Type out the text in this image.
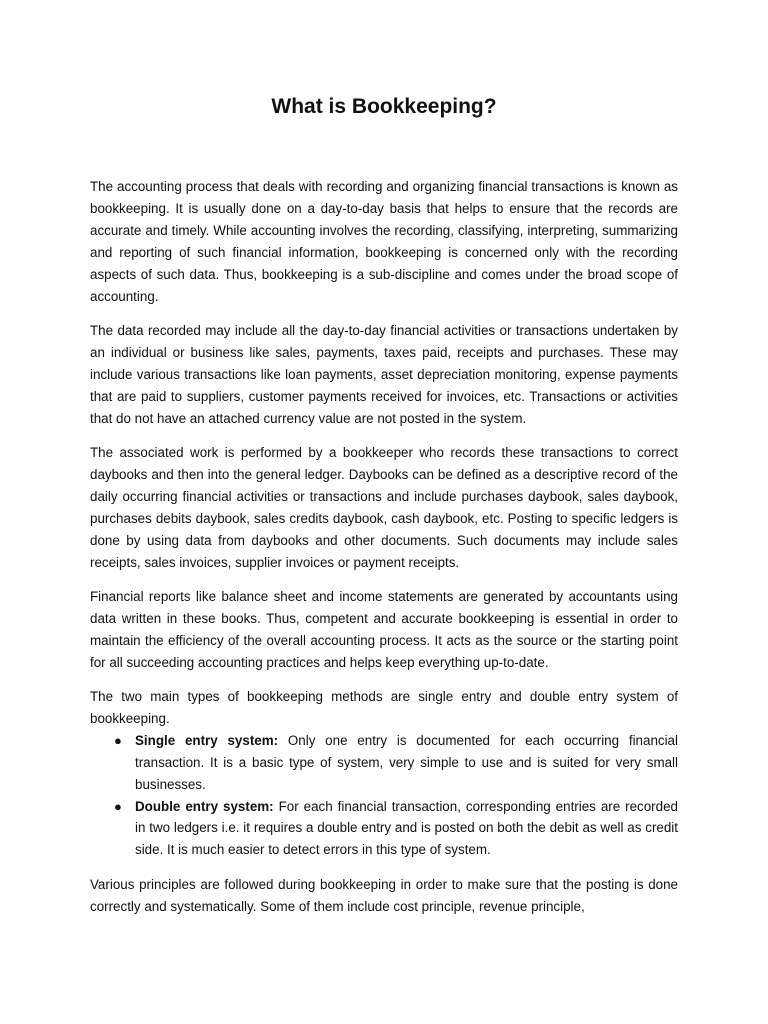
What is Bookkeeping?

The accounting process that deals with recording and organizing financial transactions is known as bookkeeping. It is usually done on a day-to-day basis that helps to ensure that the records are accurate and timely. While accounting involves the recording, classifying, interpreting, summarizing and reporting of such financial information, bookkeeping is concerned only with the recording aspects of such data. Thus, bookkeeping is a sub-discipline and comes under the broad scope of accounting.

The data recorded may include all the day-to-day financial activities or transactions undertaken by an individual or business like sales, payments, taxes paid, receipts and purchases. These may include various transactions like loan payments, asset depreciation monitoring, expense payments that are paid to suppliers, customer payments received for invoices, etc. Transactions or activities that do not have an attached currency value are not posted in the system.

The associated work is performed by a bookkeeper who records these transactions to correct daybooks and then into the general ledger. Daybooks can be defined as a descriptive record of the daily occurring financial activities or transactions and include purchases daybook, sales daybook, purchases debits daybook, sales credits daybook, cash daybook, etc. Posting to specific ledgers is done by using data from daybooks and other documents. Such documents may include sales receipts, sales invoices, supplier invoices or payment receipts.

Financial reports like balance sheet and income statements are generated by accountants using data written in these books. Thus, competent and accurate bookkeeping is essential in order to maintain the efficiency of the overall accounting process. It acts as the source or the starting point for all succeeding accounting practices and helps keep everything up-to-date.

The two main types of bookkeeping methods are single entry and double entry system of bookkeeping.

● Single entry system: Only one entry is documented for each occurring financial transaction. It is a basic type of system, very simple to use and is suited for very small businesses.
● Double entry system: For each financial transaction, corresponding entries are recorded in two ledgers i.e. it requires a double entry and is posted on both the debit as well as credit side. It is much easier to detect errors in this type of system.

Various principles are followed during bookkeeping in order to make sure that the posting is done correctly and systematically. Some of them include cost principle, revenue principle,
